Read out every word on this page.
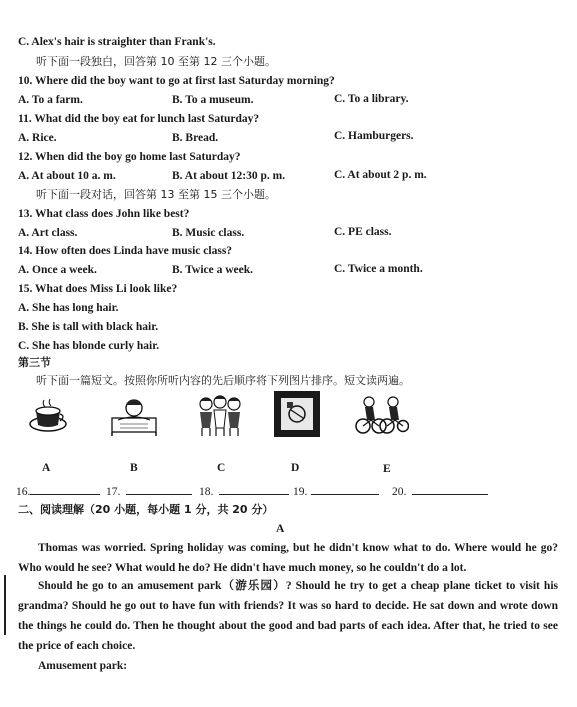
C. Alex's hair is straighter than Frank's.
听下面一段独白，回答第 10 至第 12 三个小题。
10. Where did the boy want to go at first last Saturday morning?
A. To a farm.	B. To a museum.	C. To a library.
11. What did the boy eat for lunch last Saturday?
A. Rice.	B. Bread.	C. Hamburgers.
12. When did the boy go home last Saturday?
A. At about 10 a. m.	B. At about 12:30 p. m.	C. At about 2 p. m.
听下面一段对话，回答第 13 至第 15 三个小题。
13. What class does John like best?
A. Art class.	B. Music class.	C. PE class.
14. How often does Linda have music class?
A. Once a week.	B. Twice a week.	C. Twice a month.
15. What does Miss Li look like?
A. She has long hair.
B. She is tall with black hair.
C. She has blonde curly hair.
第三节
听下面一篇短文。按照你所听内容的先后顺序将下列图片排序。短文读两遍。
A	B	C	D	E
16.	17.	18.	19.	20.
二、阅读理解（20 小题，每小题 1 分，共 20 分）
A
Thomas was worried. Spring holiday was coming, but he didn't know what to do. Where would he go? Who would he see? What would he do? He didn't have much money, so he couldn't do a lot.
Should he go to an amusement park（游乐园）? Should he try to get a cheap plane ticket to visit his grandma? Should he go out to have fun with friends? It was so hard to decide. He sat down and wrote down the things he could do. Then he thought about the good and bad parts of each idea. After that, he tried to see the price of each choice.
Amusement park:
